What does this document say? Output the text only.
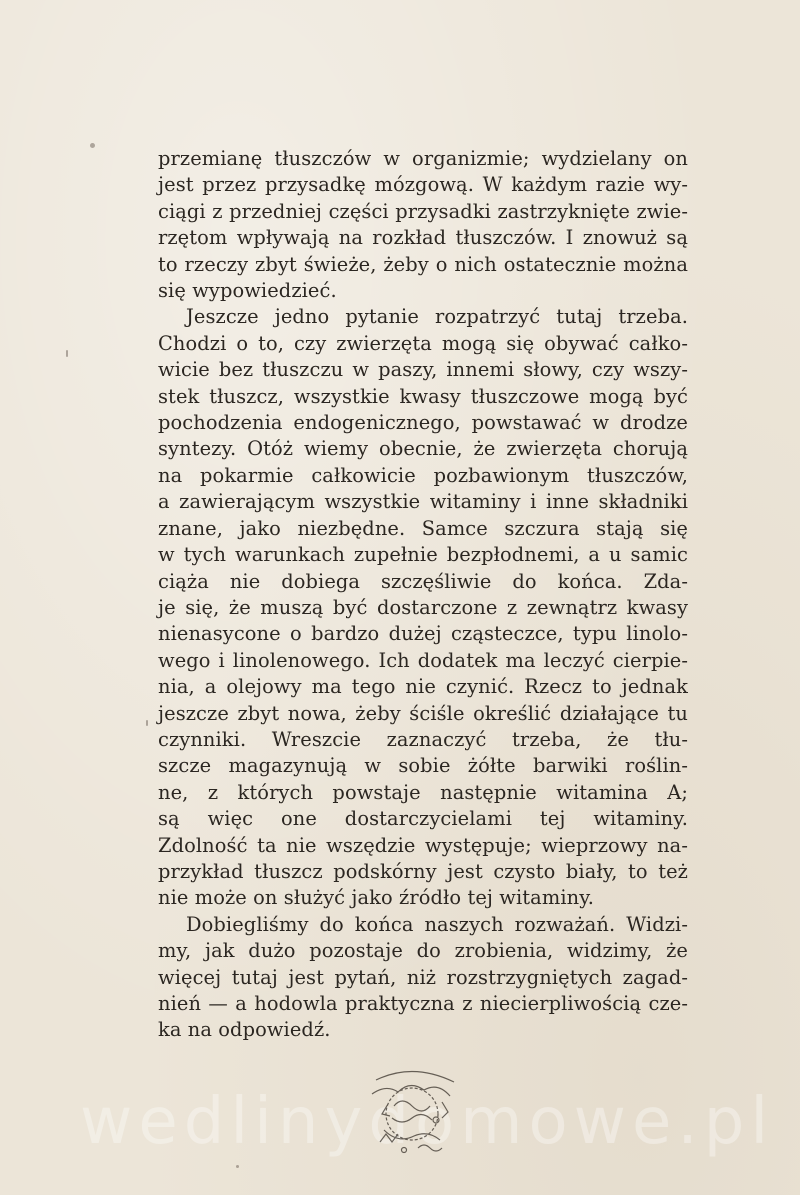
przemianę tłuszczów w organizmie; wydzielany on
jest przez przysadkę mózgową. W każdym razie wy-
ciągi z przedniej części przysadki zastrzyknięte zwie-
rzętom wpływają na rozkład tłuszczów. I znowuż są
to rzeczy zbyt świeże, żeby o nich ostatecznie można
się wypowiedzieć.
Jeszcze jedno pytanie rozpatrzyć tutaj trzeba.
Chodzi o to, czy zwierzęta mogą się obywać całko-
wicie bez tłuszczu w paszy, innemi słowy, czy wszy-
stek tłuszcz, wszystkie kwasy tłuszczowe mogą być
pochodzenia endogenicznego, powstawać w drodze
syntezy. Otóż wiemy obecnie, że zwierzęta chorują
na pokarmie całkowicie pozbawionym tłuszczów,
a zawierającym wszystkie witaminy i inne składniki
znane, jako niezbędne. Samce szczura stają się
w tych warunkach zupełnie bezpłodnemi, a u samic
ciąża nie dobiega szczęśliwie do końca. Zda-
je się, że muszą być dostarczone z zewnątrz kwasy
nienasycone o bardzo dużej cząsteczce, typu linolo-
wego i linolenowego. Ich dodatek ma leczyć cierpie-
nia, a olejowy ma tego nie czynić. Rzecz to jednak
jeszcze zbyt nowa, żeby ściśle określić działające tu
czynniki. Wreszcie zaznaczyć trzeba, że tłu-
szcze magazynują w sobie żółte barwiki roślin-
ne, z których powstaje następnie witamina A;
są więc one dostarczycielami tej witaminy.
Zdolność ta nie wszędzie występuje; wieprzowy na-
przykład tłuszcz podskórny jest czysto biały, to też
nie może on służyć jako źródło tej witaminy.
Dobiegliśmy do końca naszych rozważań. Widzi-
my, jak dużo pozostaje do zrobienia, widzimy, że
więcej tutaj jest pytań, niż rozstrzygniętych zagad-
nień — a hodowla praktyczna z niecierpliwością cze-
ka na odpowiedź.
wedlinydomowe.pl
